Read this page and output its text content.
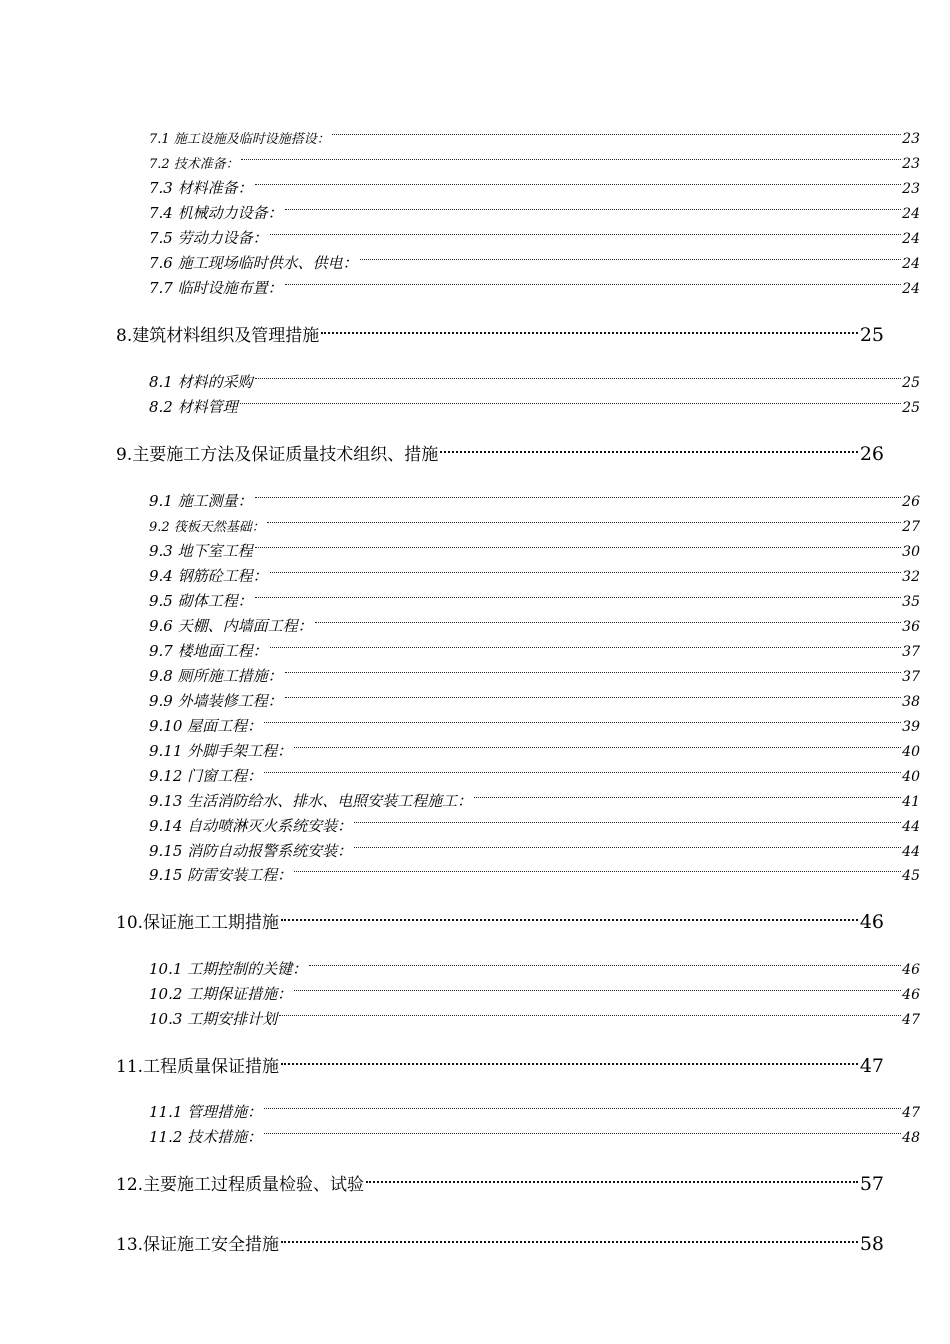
7.1 施工设施及临时设施搭设：	23
7.2 技术准备：	23
7.3 材料准备：	23
7.4 机械动力设备：	24
7.5 劳动力设备：	24
7.6 施工现场临时供水、供电：	24
7.7 临时设施布置：	24
8.建筑材料组织及管理措施	25
8.1 材料的采购	25
8.2 材料管理	25
9.主要施工方法及保证质量技术组织、措施	26
9.1 施工测量：	26
9.2 筏板天然基础：	27
9.3 地下室工程	30
9.4 钢筋砼工程：	32
9.5 砌体工程：	35
9.6 天棚、内墙面工程：	36
9.7 楼地面工程：	37
9.8 厕所施工措施：	37
9.9 外墙装修工程：	38
9.10 屋面工程：	39
9.11 外脚手架工程：	40
9.12 门窗工程：	40
9.13 生活消防给水、排水、电照安装工程施工：	41
9.14 自动喷淋灭火系统安装：	44
9.15 消防自动报警系统安装：	44
9.15 防雷安装工程：	45
10.保证施工工期措施	46
10.1 工期控制的关键：	46
10.2 工期保证措施：	46
10.3 工期安排计划	47
11.工程质量保证措施	47
11.1 管理措施：	47
11.2 技术措施：	48
12.主要施工过程质量检验、试验	57
13.保证施工安全措施	58
